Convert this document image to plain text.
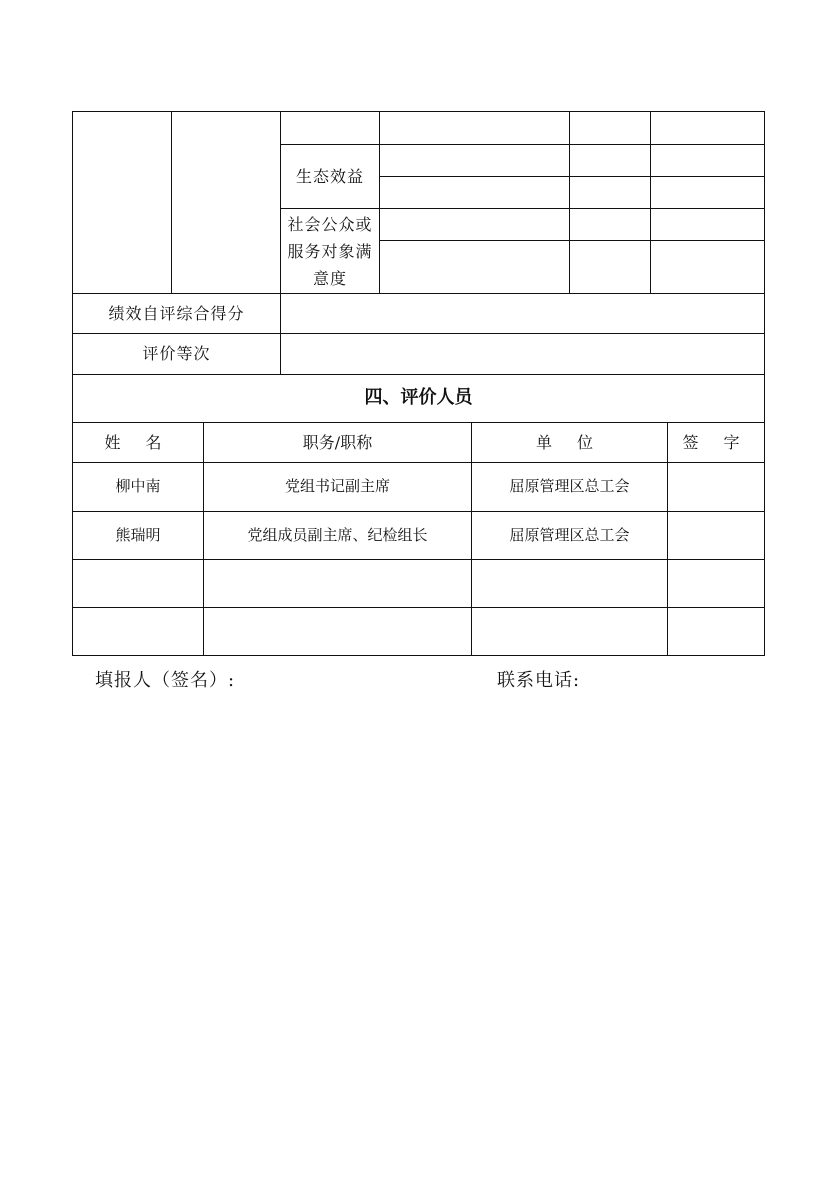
生态效益
社会公众或服务对象满意度
绩效自评综合得分
评价等次
四、评价人员
姓 名	职务/职称	单 位	签 字
柳中南	党组书记副主席	屈原管理区总工会
熊瑞明	党组成员副主席、纪检组长	屈原管理区总工会
填报人（签名）:	联系电话:
